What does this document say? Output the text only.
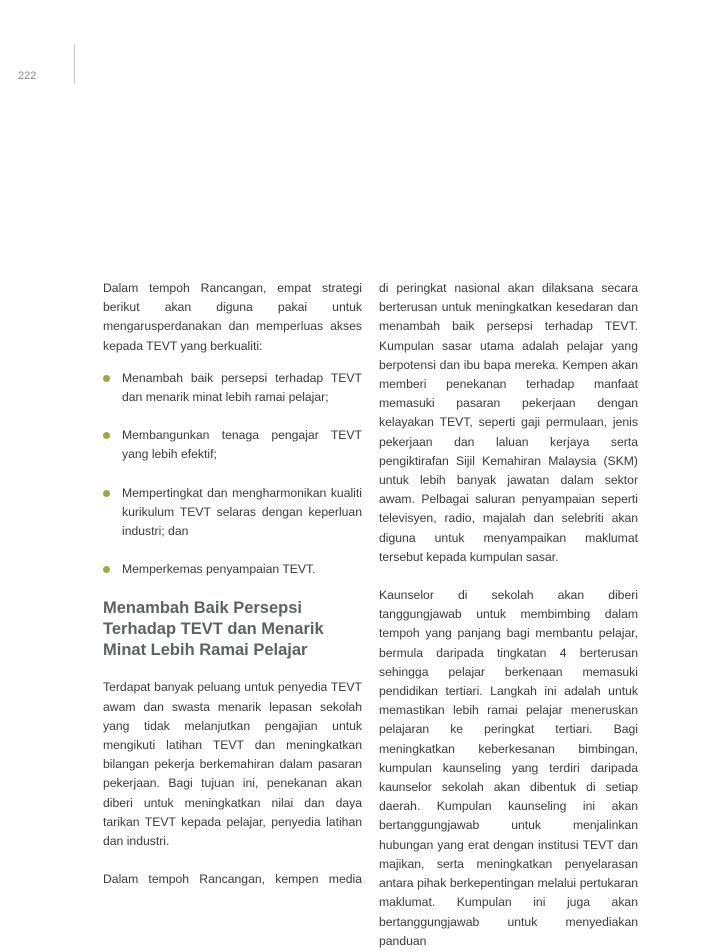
222

Dalam tempoh Rancangan, empat strategi berikut akan diguna pakai untuk mengarusperdanakan dan memperluas akses kepada TEVT yang berkualiti:

Menambah baik persepsi terhadap TEVT dan menarik minat lebih ramai pelajar;
Membangunkan tenaga pengajar TEVT yang lebih efektif;
Mempertingkat dan mengharmonikan kualiti kurikulum TEVT selaras dengan keperluan industri; dan
Memperkemas penyampaian TEVT.
Menambah Baik Persepsi Terhadap TEVT dan Menarik Minat Lebih Ramai Pelajar

Terdapat banyak peluang untuk penyedia TEVT awam dan swasta menarik lepasan sekolah yang tidak melanjutkan pengajian untuk mengikuti latihan TEVT dan meningkatkan bilangan pekerja berkemahiran dalam pasaran pekerjaan. Bagi tujuan ini, penekanan akan diberi untuk meningkatkan nilai dan daya tarikan TEVT kepada pelajar, penyedia latihan dan industri.

Dalam tempoh Rancangan, kempen media

di peringkat nasional akan dilaksana secara berterusan untuk meningkatkan kesedaran dan menambah baik persepsi terhadap TEVT. Kumpulan sasar utama adalah pelajar yang berpotensi dan ibu bapa mereka. Kempen akan memberi penekanan terhadap manfaat memasuki pasaran pekerjaan dengan kelayakan TEVT, seperti gaji permulaan, jenis pekerjaan dan laluan kerjaya serta pengiktirafan Sijil Kemahiran Malaysia (SKM) untuk lebih banyak jawatan dalam sektor awam. Pelbagai saluran penyampaian seperti televisyen, radio, majalah dan selebriti akan diguna untuk menyampaikan maklumat tersebut kepada kumpulan sasar.

Kaunselor di sekolah akan diberi tanggungjawab untuk membimbing dalam tempoh yang panjang bagi membantu pelajar, bermula daripada tingkatan 4 berterusan sehingga pelajar berkenaan memasuki pendidikan tertiari. Langkah ini adalah untuk memastikan lebih ramai pelajar meneruskan pelajaran ke peringkat tertiari. Bagi meningkatkan keberkesanan bimbingan, kumpulan kaunseling yang terdiri daripada kaunselor sekolah akan dibentuk di setiap daerah. Kumpulan kaunseling ini akan bertanggungjawab untuk menjalinkan hubungan yang erat dengan institusi TEVT dan majikan, serta meningkatkan penyelarasan antara pihak berkepentingan melalui pertukaran maklumat. Kumpulan ini juga akan bertanggungjawab untuk menyediakan panduan
